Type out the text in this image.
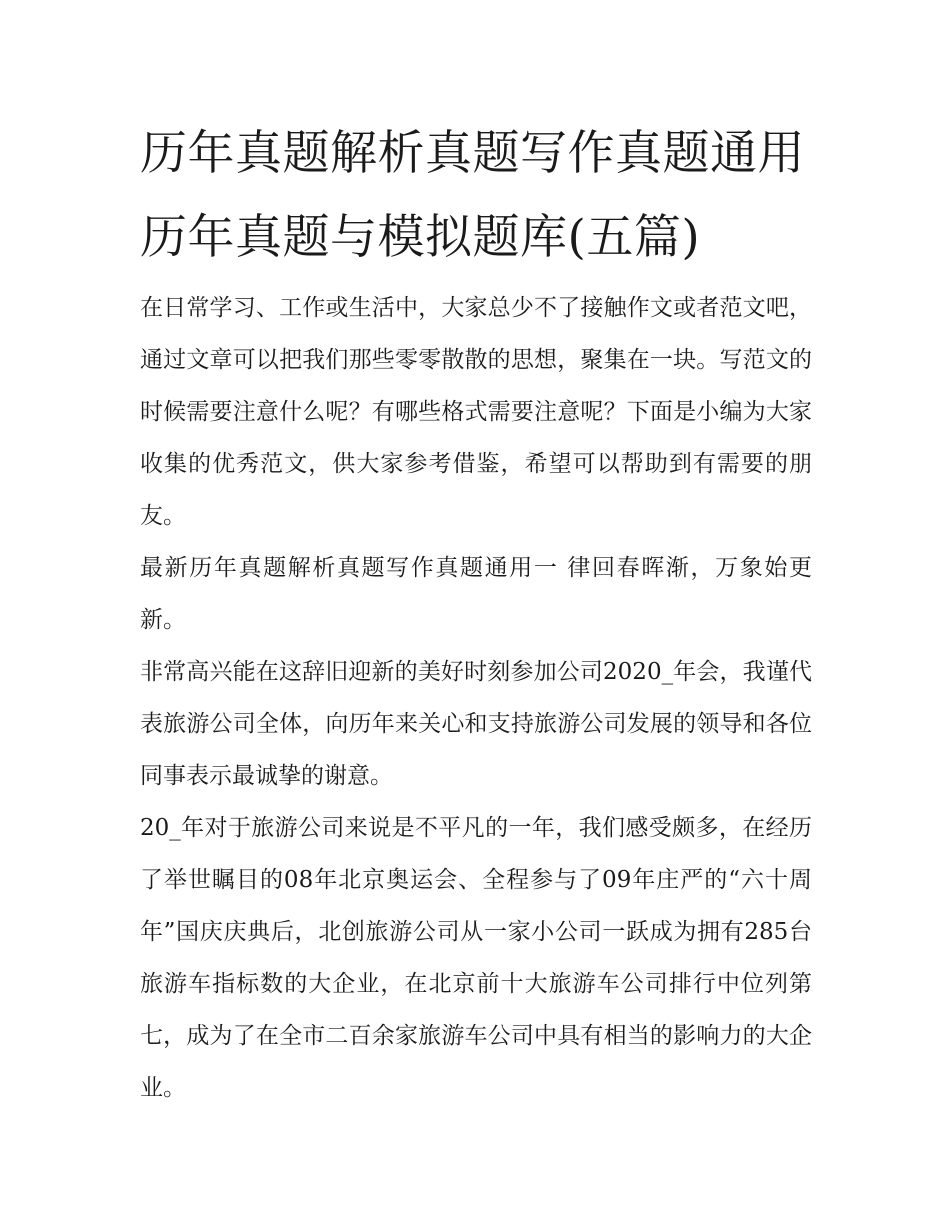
历年真题解析真题写作真题通用 历年真题与模拟题库(五篇)

在日常学习、工作或生活中，大家总少不了接触作文或者范文吧，通过文章可以把我们那些零零散散的思想，聚集在一块。写范文的时候需要注意什么呢？有哪些格式需要注意呢？下面是小编为大家收集的优秀范文，供大家参考借鉴，希望可以帮助到有需要的朋友。

最新历年真题解析真题写作真题通用一 律回春晖渐，万象始更新。

非常高兴能在这辞旧迎新的美好时刻参加公司2020_年会，我谨代表旅游公司全体，向历年来关心和支持旅游公司发展的领导和各位同事表示最诚挚的谢意。

20_年对于旅游公司来说是不平凡的一年，我们感受颇多，在经历了举世瞩目的08年北京奥运会、全程参与了09年庄严的“六十周年”国庆庆典后，北创旅游公司从一家小公司一跃成为拥有285台旅游车指标数的大企业，在北京前十大旅游车公司排行中位列第七，成为了在全市二百余家旅游车公司中具有相当的影响力的大企业。
